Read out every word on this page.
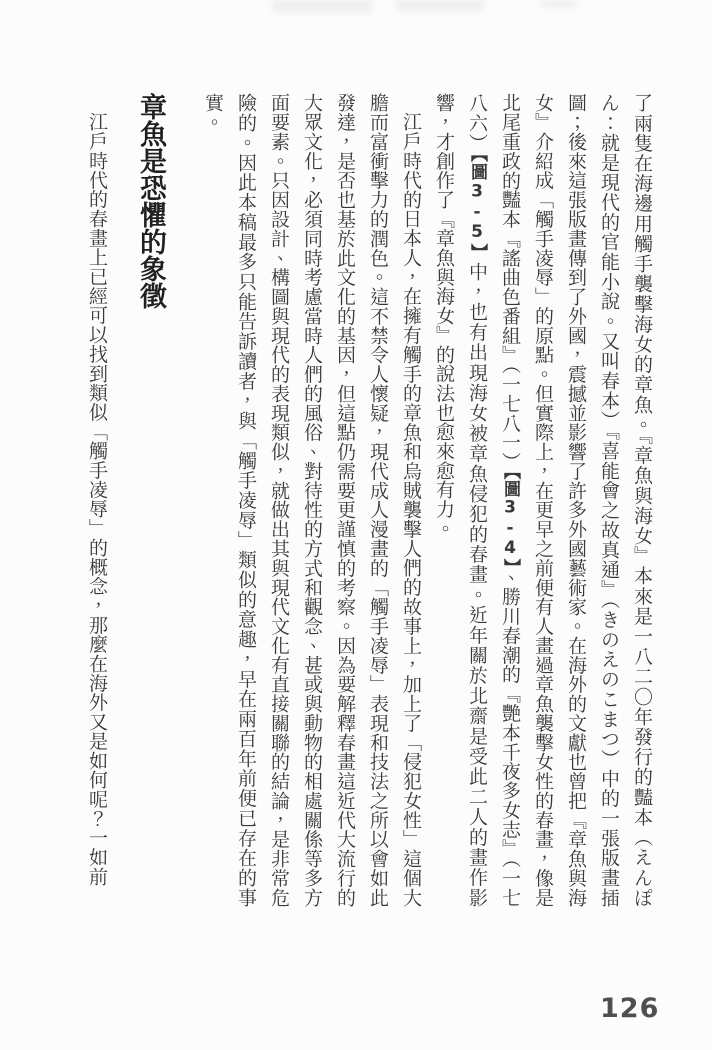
了兩隻在海邊用觸手襲擊海女的章魚。『章魚與海女』本來是一八二〇年發行的豔本（えんぽん：就是現代的官能小說。又叫春本）『喜能會之故真通』（きのえのこまつ）中的一張版畫插圖；後來這張版畫傳到了外國，震撼並影響了許多外國藝術家。在海外的文獻也曾把『章魚與海女』介紹成「觸手凌辱」的原點。但實際上，在更早之前便有人畫過章魚襲擊女性的春畫，像是北尾重政的豔本『謠曲色番組』（一七八一）【圖3-4】、勝川春潮的『艷本千夜多女志』（一七八六）【圖3-5】中，也有出現海女被章魚侵犯的春畫。近年關於北齋是受此二人的畫作影響，才創作了『章魚與海女』的說法也愈來愈有力。

江戶時代的日本人，在擁有觸手的章魚和烏賊襲擊人們的故事上，加上了「侵犯女性」這個大膽而富衝擊力的潤色。這不禁令人懷疑，現代成人漫畫的「觸手凌辱」表現和技法之所以會如此發達，是否也基於此文化的基因，但這點仍需要更謹慎的考察。因為要解釋春畫這近代大流行的大眾文化，必須同時考慮當時人們的風俗、對待性的方式和觀念、甚或與動物的相處關係等多方面要素。只因設計、構圖與現代的表現類似，就做出其與現代文化有直接關聯的結論，是非常危險的。因此本稿最多只能告訴讀者，與「觸手凌辱」類似的意趣，早在兩百年前便已存在的事實。

章魚是恐懼的象徵

江戶時代的春畫上已經可以找到類似「觸手凌辱」的概念，那麼在海外又是如何呢？一如前

126
